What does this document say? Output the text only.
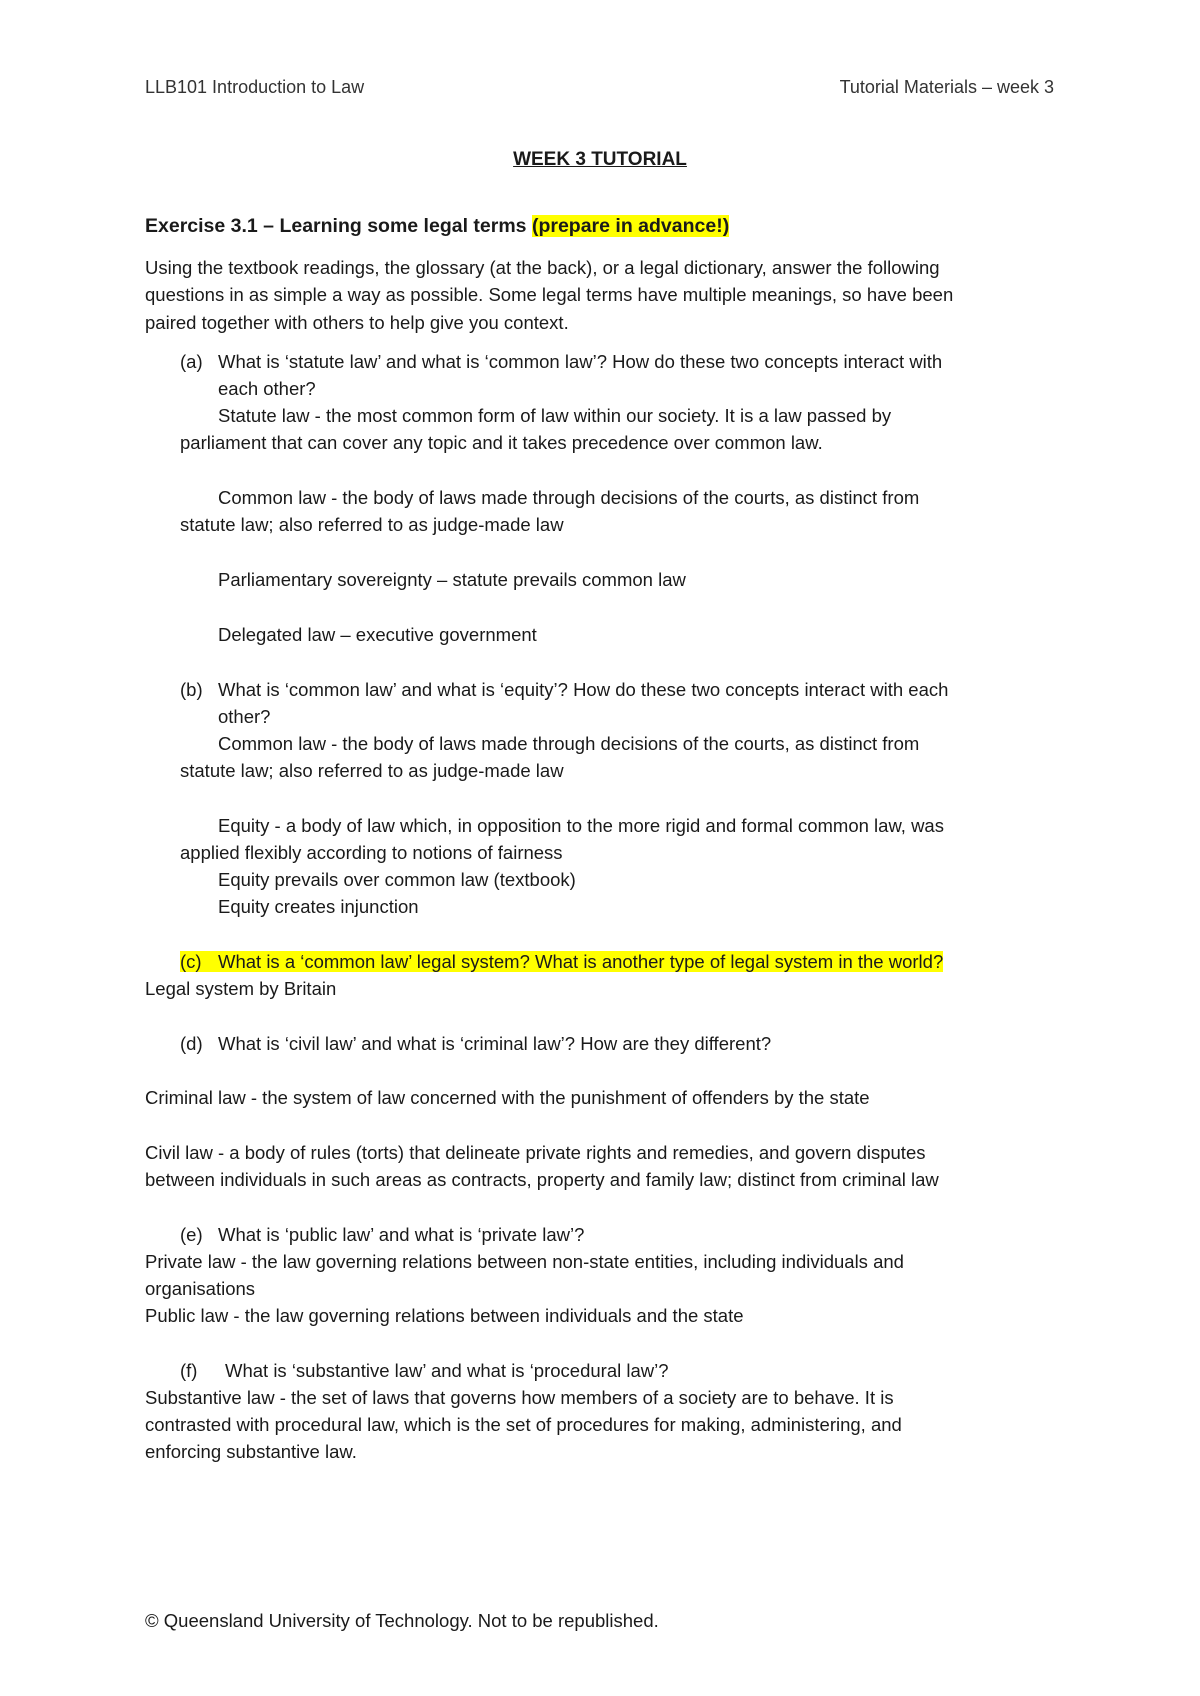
LLB101 Introduction to Law	Tutorial Materials – week 3
WEEK 3 TUTORIAL
Exercise 3.1 – Learning some legal terms (prepare in advance!)
Using the textbook readings, the glossary (at the back), or a legal dictionary, answer the following
questions in as simple a way as possible. Some legal terms have multiple meanings, so have been
paired together with others to help give you context.
(a) What is ‘statute law’ and what is ‘common law’? How do these two concepts interact with
each other?
Statute law - the most common form of law within our society. It is a law passed by
parliament that can cover any topic and it takes precedence over common law.
Common law - the body of laws made through decisions of the courts, as distinct from
statute law; also referred to as judge-made law
Parliamentary sovereignty – statute prevails common law
Delegated law – executive government
(b) What is ‘common law’ and what is ‘equity’? How do these two concepts interact with each
other?
Common law - the body of laws made through decisions of the courts, as distinct from
statute law; also referred to as judge-made law
Equity - a body of law which, in opposition to the more rigid and formal common law, was
applied flexibly according to notions of fairness
Equity prevails over common law (textbook)
Equity creates injunction
(c) What is a ‘common law’ legal system? What is another type of legal system in the world?
Legal system by Britain
(d) What is ‘civil law’ and what is ‘criminal law’? How are they different?
Criminal law - the system of law concerned with the punishment of offenders by the state
Civil law - a body of rules (torts) that delineate private rights and remedies, and govern disputes
between individuals in such areas as contracts, property and family law; distinct from criminal law
(e) What is ‘public law’ and what is ‘private law’?
Private law - the law governing relations between non-state entities, including individuals and
organisations
Public law - the law governing relations between individuals and the state
(f) What is ‘substantive law’ and what is ‘procedural law’?
Substantive law - the set of laws that governs how members of a society are to behave. It is
contrasted with procedural law, which is the set of procedures for making, administering, and
enforcing substantive law.
© Queensland University of Technology. Not to be republished.
